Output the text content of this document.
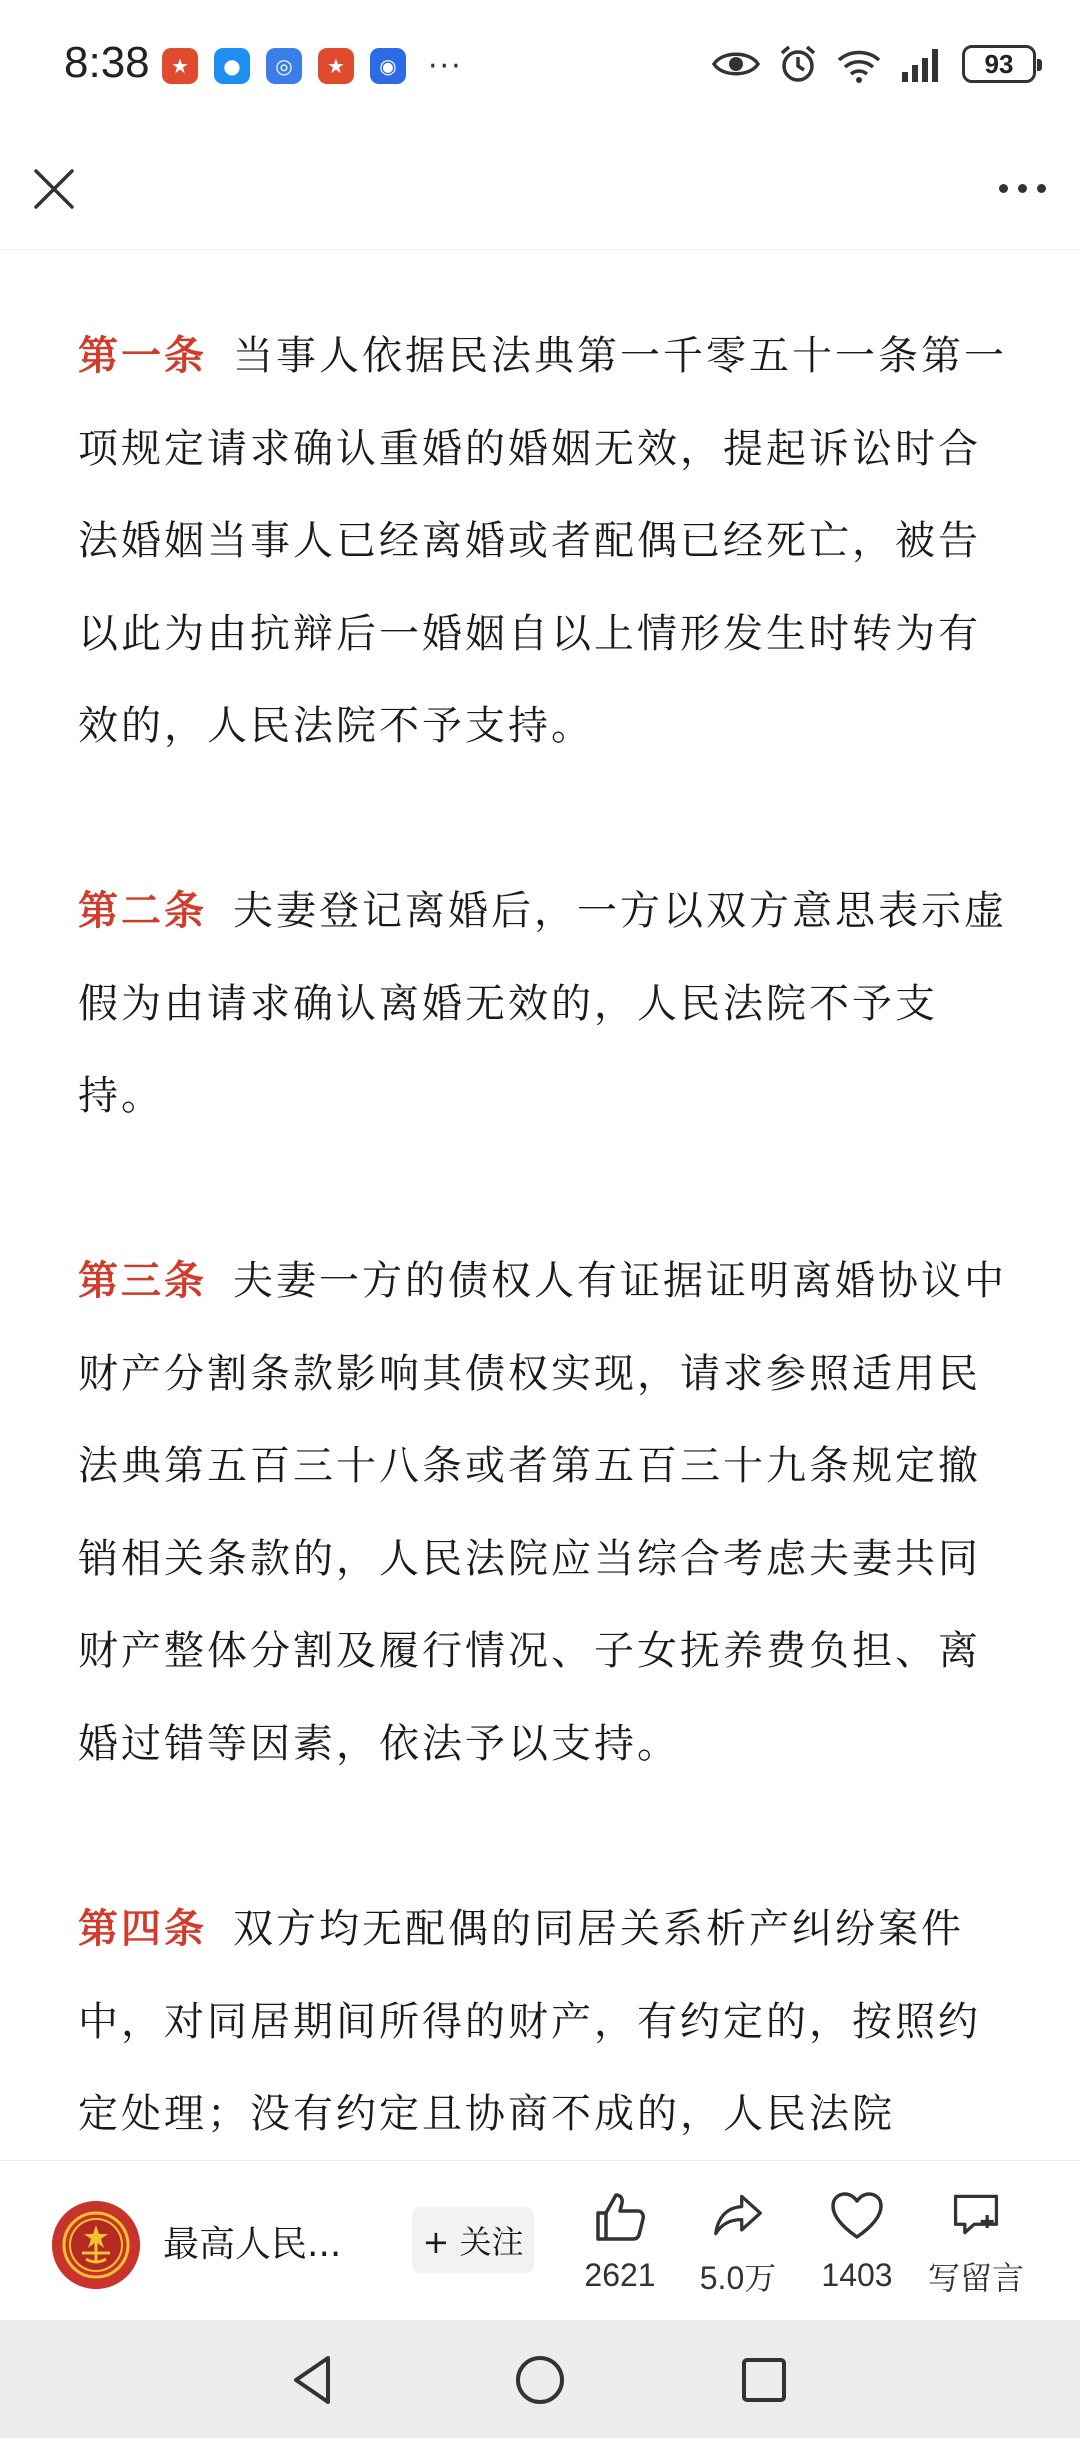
8:38	★	●	◎	★	◉	···	93

第一条 当事人依据民法典第一千零五十一条第一项规定请求确认重婚的婚姻无效，提起诉讼时合法婚姻当事人已经离婚或者配偶已经死亡，被告以此为由抗辩后一婚姻自以上情形发生时转为有效的，人民法院不予支持。

第二条 夫妻登记离婚后，一方以双方意思表示虚假为由请求确认离婚无效的，人民法院不予支持。

第三条 夫妻一方的债权人有证据证明离婚协议中财产分割条款影响其债权实现，请求参照适用民法典第五百三十八条或者第五百三十九条规定撤销相关条款的，人民法院应当综合考虑夫妻共同财产整体分割及履行情况、子女抚养费负担、离婚过错等因素，依法予以支持。

第四条 双方均无配偶的同居关系析产纠纷案件中，对同居期间所得的财产，有约定的，按照约定处理；没有约定且协商不成的，人民法院

最高人民...	+ 关注
2621 5.0万 1403 写留言
